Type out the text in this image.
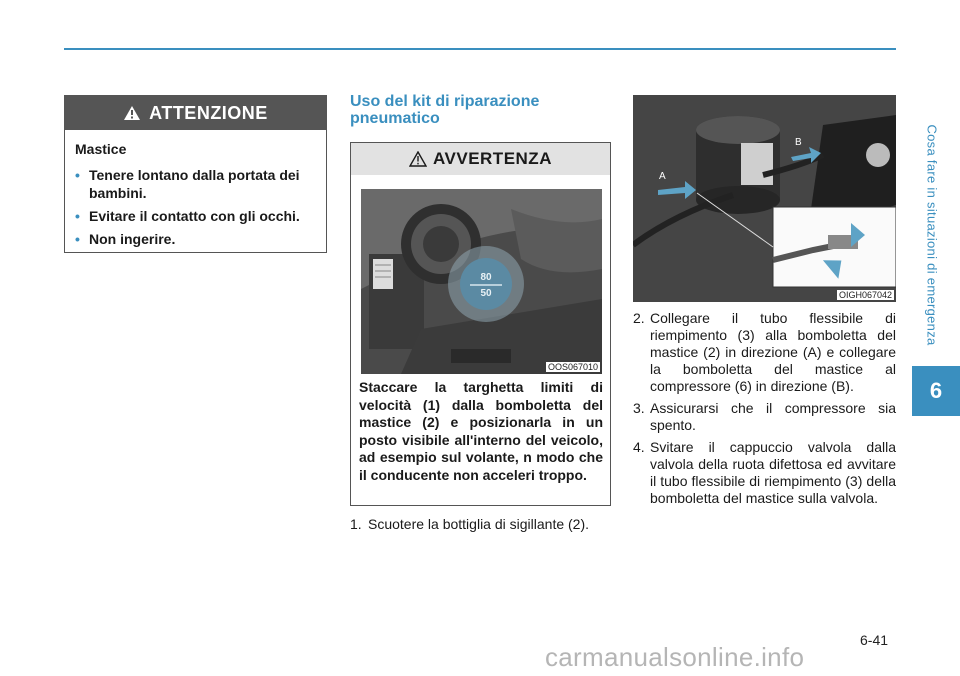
Cosa fare in situazioni di emergenza
6
ATTENZIONE
Mastice
• Tenere lontano dalla portata dei bambini.
• Evitare il contatto con gli occhi.
• Non ingerire.
Uso del kit di riparazione pneumatico
AVVERTENZA
80
50
OOS067010
Staccare la targhetta limiti di velocità (1) dalla bomboletta del mastice (2) e posizionarla in un posto visibile all'interno del veicolo, ad esempio sul volante, n modo che il conducente non acceleri troppo.
1. Scuotere la bottiglia di sigillante (2).
A
B
OIGH067042
2. Collegare il tubo flessibile di riempimento (3) alla bomboletta del mastice (2) in direzione (A) e collegare la bomboletta del mastice al compressore (6) in direzione (B).
3. Assicurarsi che il compressore sia spento.
4. Svitare il cappuccio valvola dalla valvola della ruota difettosa ed avvitare il tubo flessibile di riempimento (3) della bomboletta del mastice sulla valvola.
6-41
carmanualsonline.info
